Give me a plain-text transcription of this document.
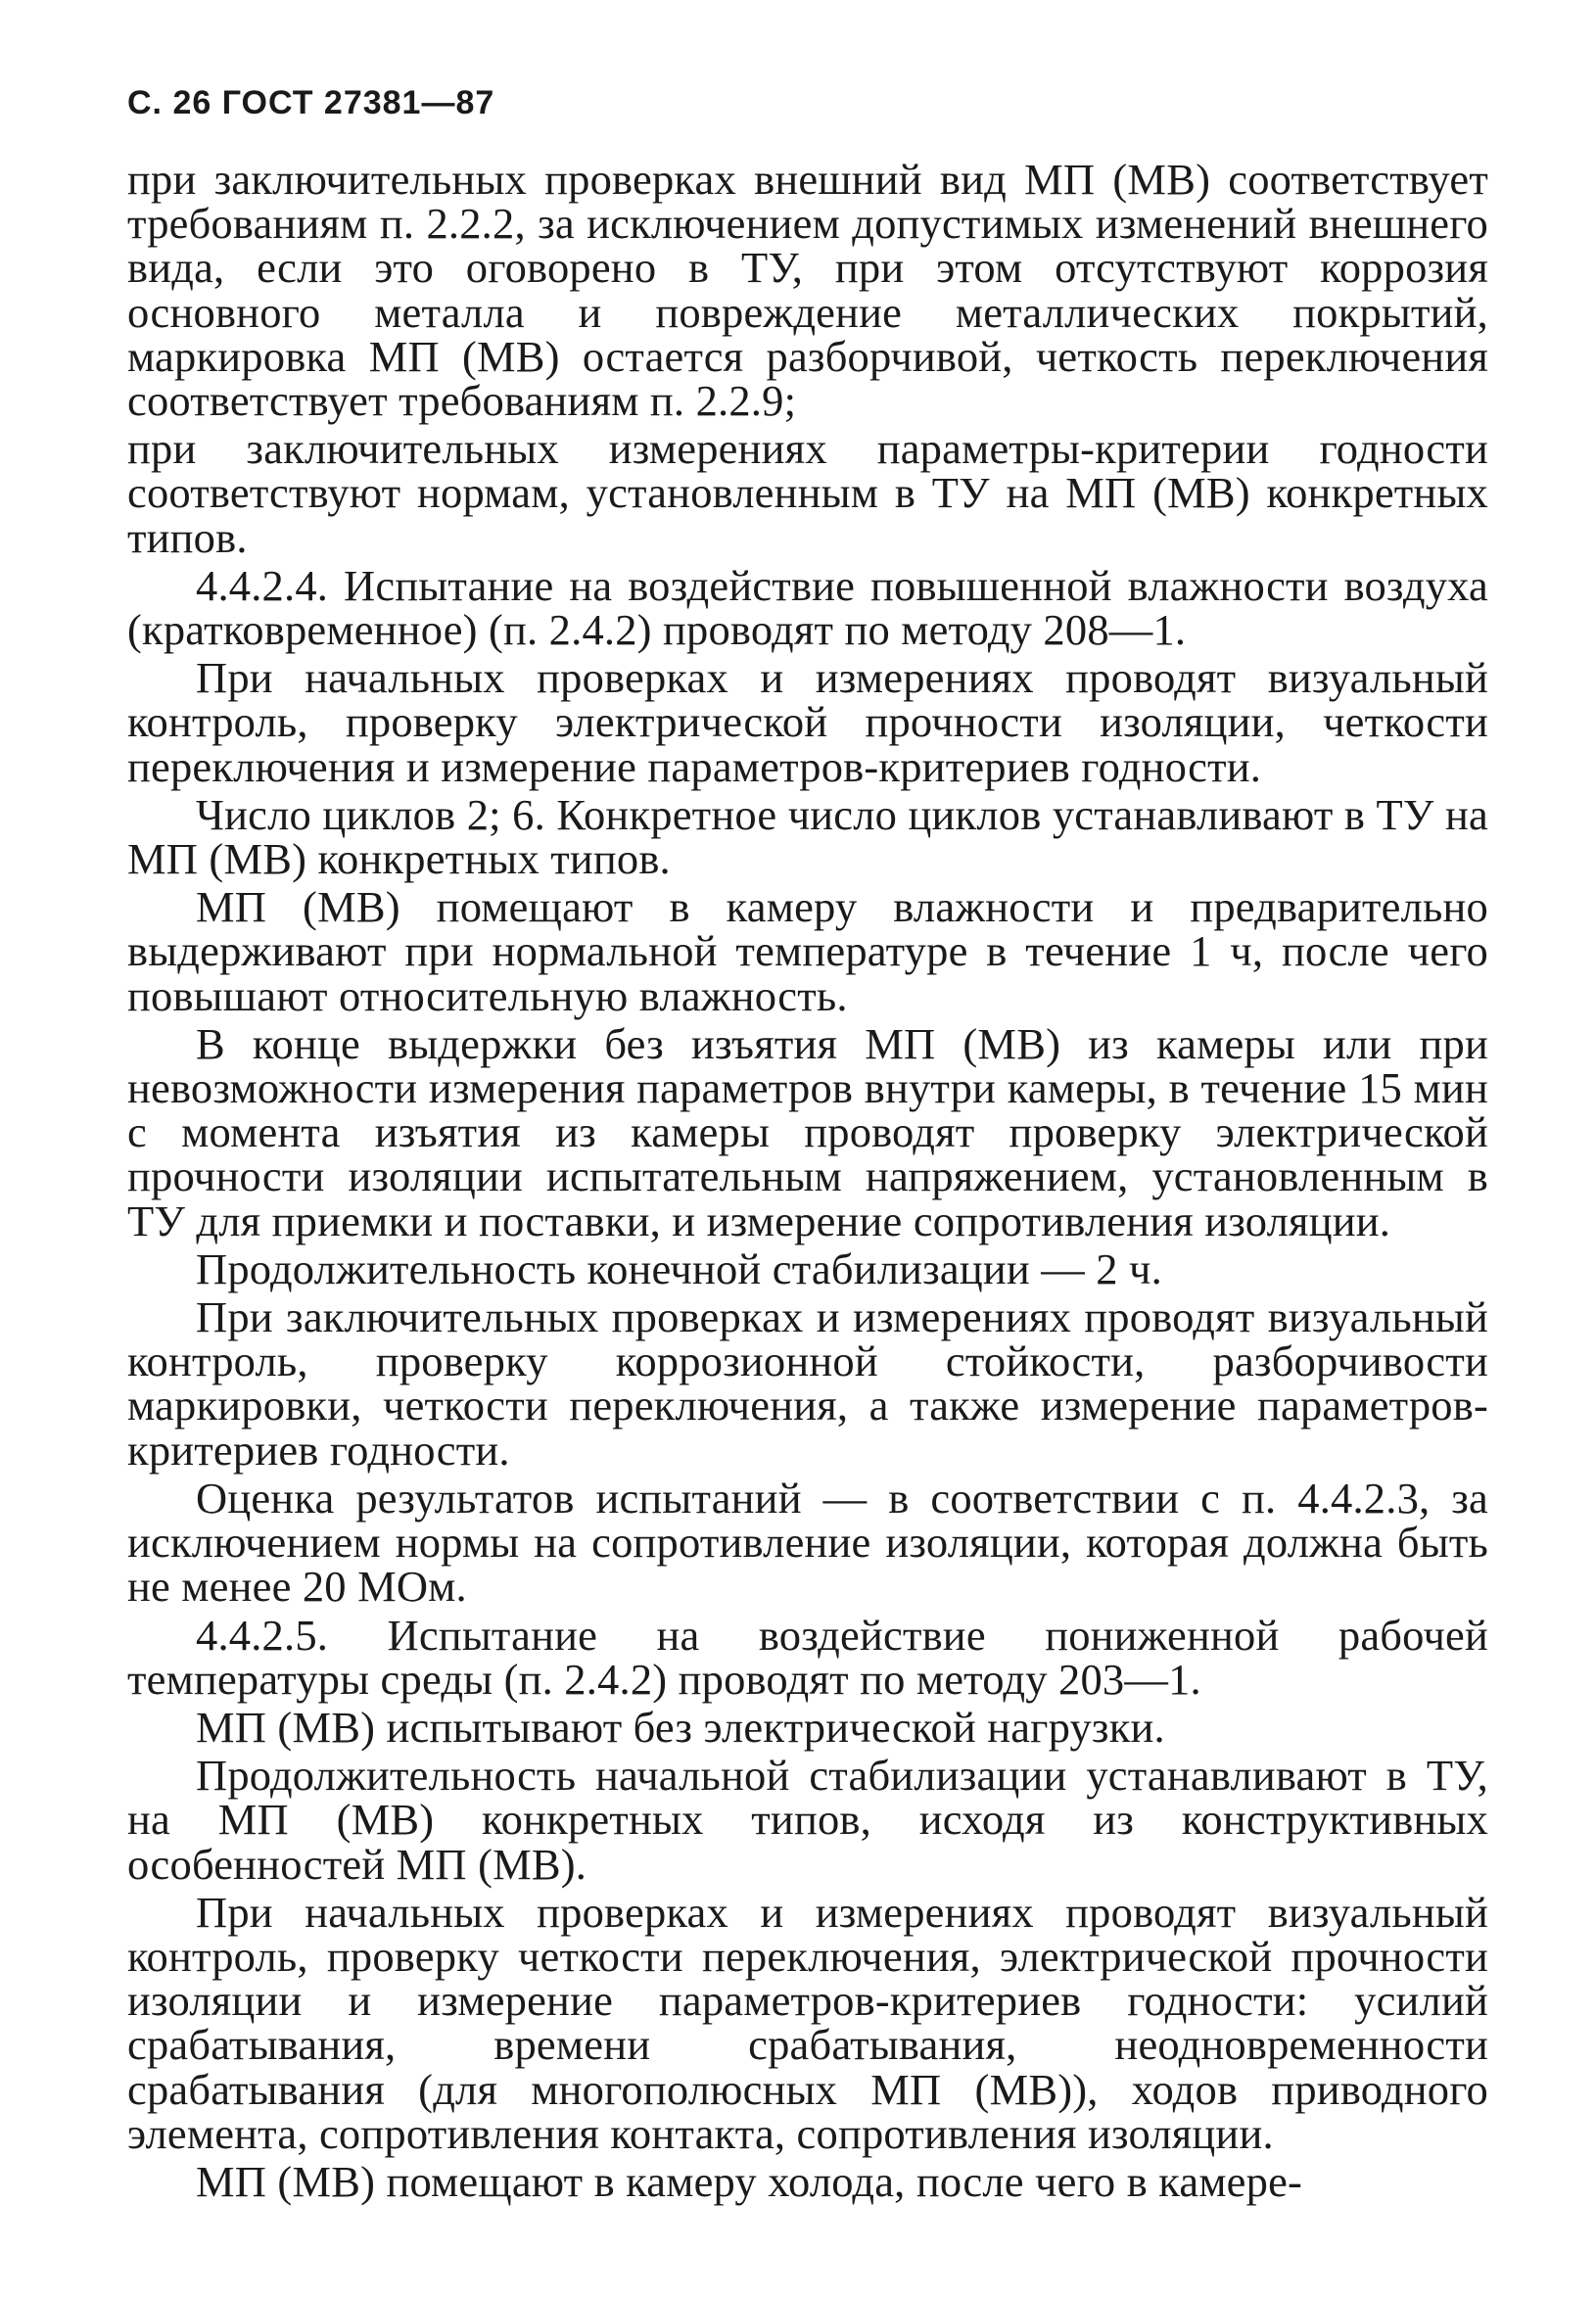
С. 26 ГОСТ 27381—87

при заключительных проверках внешний вид МП (МВ) соответствует требованиям п. 2.2.2, за исключением допустимых изменений внешнего вида, если это оговорено в ТУ, при этом отсутствуют коррозия основного металла и повреждение металлических покрытий, маркировка МП (МВ) остается разборчивой, четкость переключения соответствует требованиям п. 2.2.9;

при заключительных измерениях параметры-критерии годности соответствуют нормам, установленным в ТУ на МП (МВ) конкретных типов.

4.4.2.4. Испытание на воздействие повышенной влажности воздуха (кратковременное) (п. 2.4.2) проводят по методу 208—1.

При начальных проверках и измерениях проводят визуальный контроль, проверку электрической прочности изоляции, четкости переключения и измерение параметров-критериев годности.

Число циклов 2; 6. Конкретное число циклов устанавливают в ТУ на МП (МВ) конкретных типов.

МП (МВ) помещают в камеру влажности и предварительно выдерживают при нормальной температуре в течение 1 ч, после чего повышают относительную влажность.

В конце выдержки без изъятия МП (МВ) из камеры или при невозможности измерения параметров внутри камеры, в течение 15 мин с момента изъятия из камеры проводят проверку электрической прочности изоляции испытательным напряжением, установленным в ТУ для приемки и поставки, и измерение сопротивления изоляции.

Продолжительность конечной стабилизации — 2 ч.

При заключительных проверках и измерениях проводят визуальный контроль, проверку коррозионной стойкости, разборчивости маркировки, четкости переключения, а также измерение параметров-критериев годности.

Оценка результатов испытаний — в соответствии с п. 4.4.2.3, за исключением нормы на сопротивление изоляции, которая должна быть не менее 20 МОм.

4.4.2.5. Испытание на воздействие пониженной рабочей температуры среды (п. 2.4.2) проводят по методу 203—1.

МП (МВ) испытывают без электрической нагрузки.

Продолжительность начальной стабилизации устанавливают в ТУ, на МП (МВ) конкретных типов, исходя из конструктивных особенностей МП (МВ).

При начальных проверках и измерениях проводят визуальный контроль, проверку четкости переключения, электрической прочности изоляции и измерение параметров-критериев годности: усилий срабатывания, времени срабатывания, неодновременности срабатывания (для многополюсных МП (МВ)), ходов приводного элемента, сопротивления контакта, сопротивления изоляции.

МП (МВ) помещают в камеру холода, после чего в камере-
